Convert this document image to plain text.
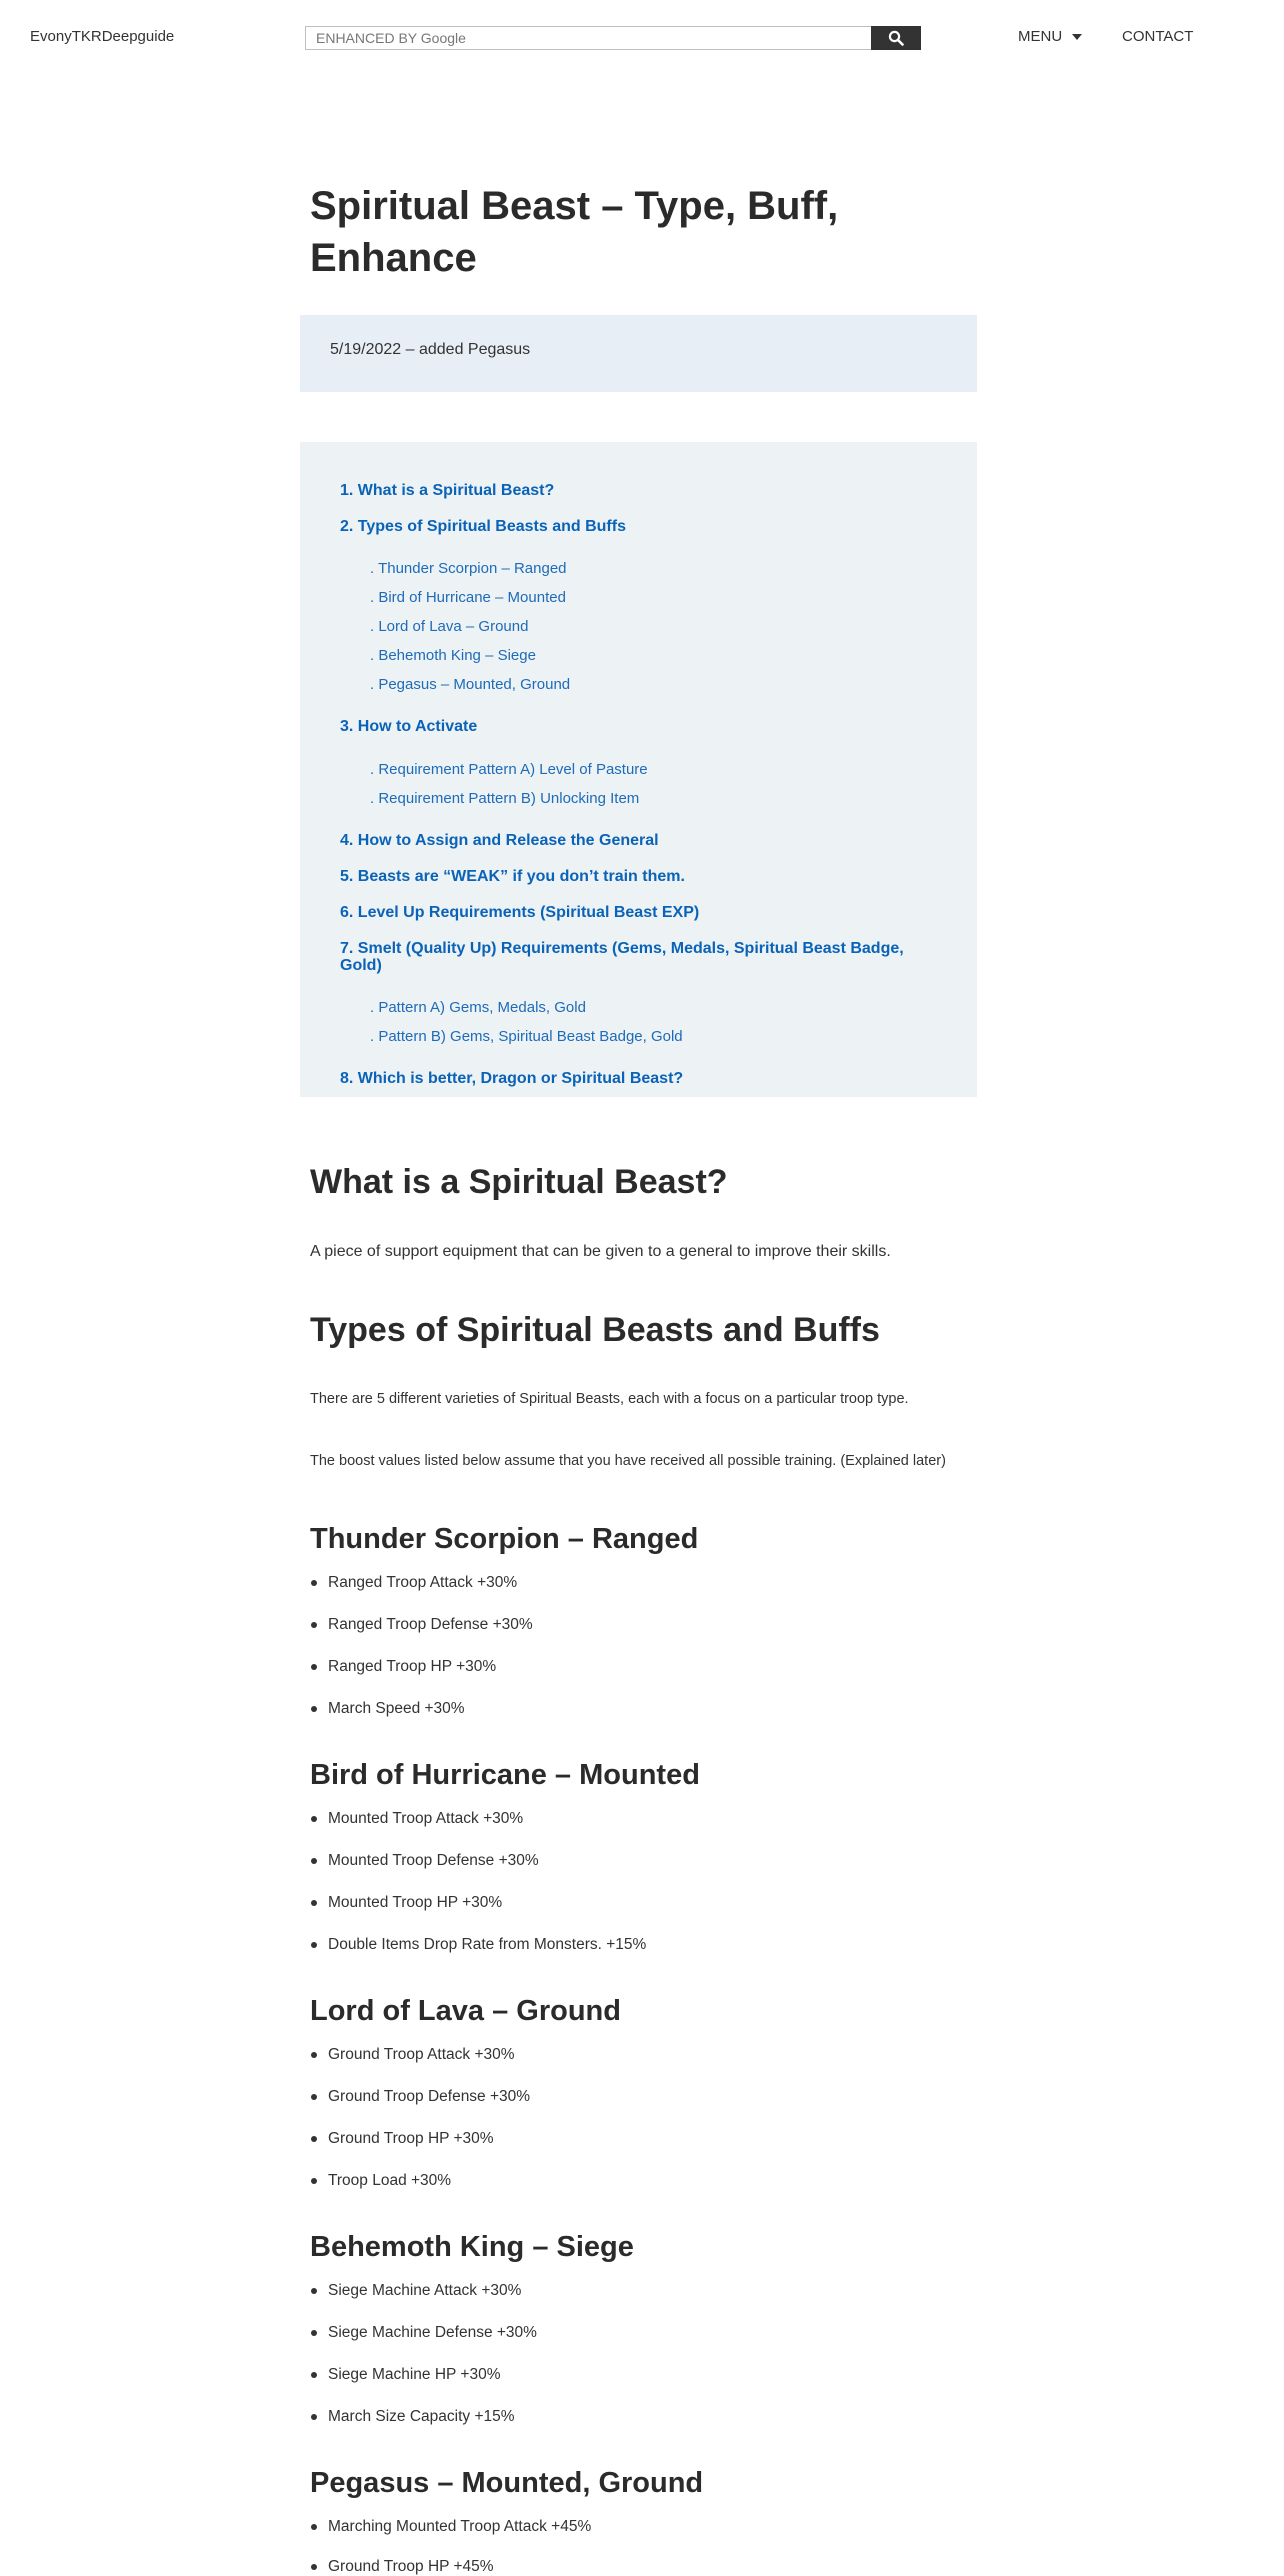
EvonyTKRDeepguide
ENHANCED BY Google	MENU	CONTACT
Spiritual Beast – Type, Buff,
Enhance
5/19/2022 – added Pegasus
1. What is a Spiritual Beast?
2. Types of Spiritual Beasts and Buffs
. Thunder Scorpion – Ranged
. Bird of Hurricane – Mounted
. Lord of Lava – Ground
. Behemoth King – Siege
. Pegasus – Mounted, Ground
3. How to Activate
. Requirement Pattern A) Level of Pasture
. Requirement Pattern B) Unlocking Item
4. How to Assign and Release the General
5. Beasts are “WEAK” if you don’t train them.
6. Level Up Requirements (Spiritual Beast EXP)
7. Smelt (Quality Up) Requirements (Gems, Medals, Spiritual Beast Badge,
Gold)
. Pattern A) Gems, Medals, Gold
. Pattern B) Gems, Spiritual Beast Badge, Gold
8. Which is better, Dragon or Spiritual Beast?
What is a Spiritual Beast?

A piece of support equipment that can be given to a general to improve their skills.

Types of Spiritual Beasts and Buffs

There are 5 different varieties of Spiritual Beasts, each with a focus on a particular troop type.

The boost values listed below assume that you have received all possible training. (Explained later)

Thunder Scorpion – Ranged
Ranged Troop Attack +30%
Ranged Troop Defense +30%
Ranged Troop HP +30%
March Speed +30%
Bird of Hurricane – Mounted
Mounted Troop Attack +30%
Mounted Troop Defense +30%
Mounted Troop HP +30%
Double Items Drop Rate from Monsters. +15%
Lord of Lava – Ground
Ground Troop Attack +30%
Ground Troop Defense +30%
Ground Troop HP +30%
Troop Load +30%
Behemoth King – Siege
Siege Machine Attack +30%
Siege Machine Defense +30%
Siege Machine HP +30%
March Size Capacity +15%
Pegasus – Mounted, Ground
Marching Mounted Troop Attack +45%
Ground Troop HP +45%
